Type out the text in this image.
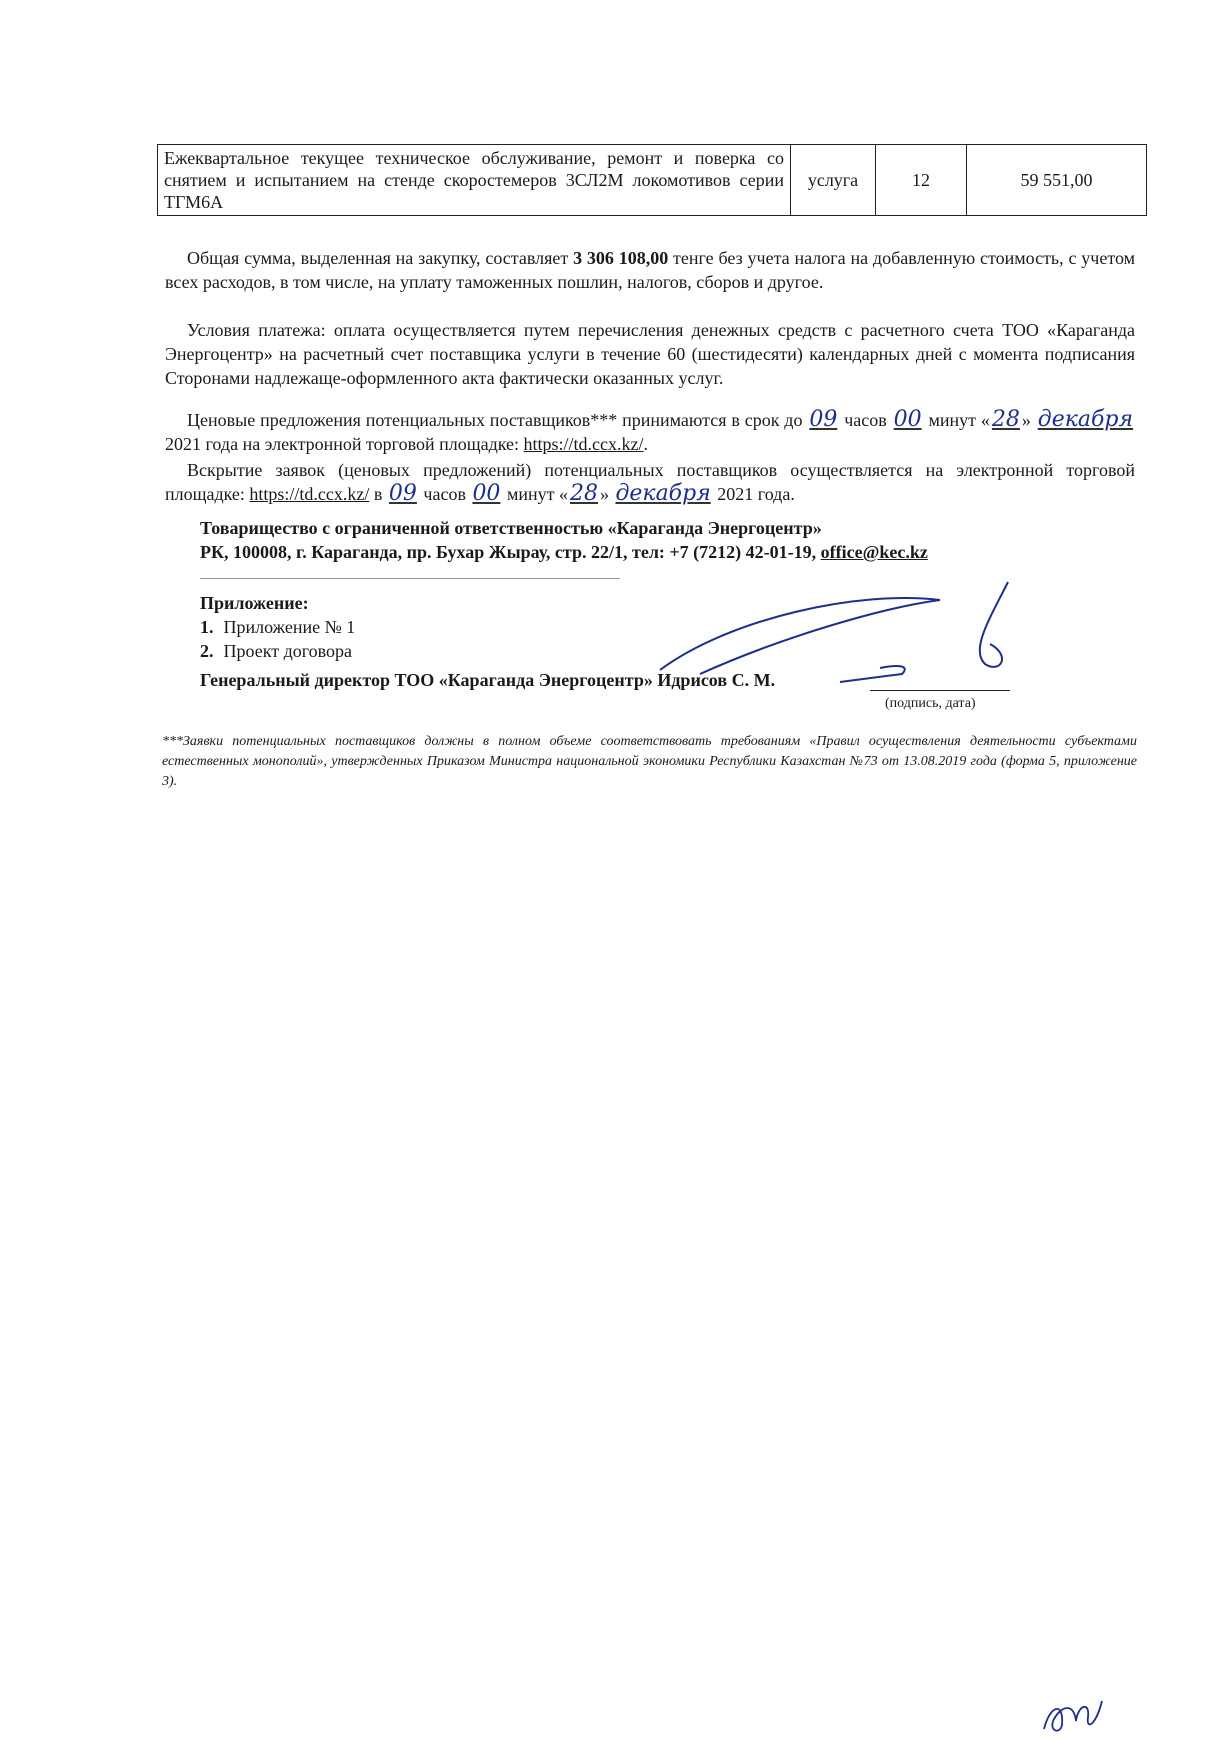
Ежеквартальное текущее техническое обслуживание, ремонт и поверка со снятием и испытанием на стенде скоростемеров 3СЛ2М локомотивов серии ТГМ6А	услуга	12	59 551,00

Общая сумма, выделенная на закупку, составляет 3 306 108,00 тенге без учета налога на добавленную стоимость, с учетом всех расходов, в том числе, на уплату таможенных пошлин, налогов, сборов и другое.

Условия платежа: оплата осуществляется путем перечисления денежных средств с расчетного счета ТОО «Караганда Энергоцентр» на расчетный счет поставщика услуги в течение 60 (шестидесяти) календарных дней с момента подписания Сторонами надлежаще-оформленного акта фактически оказанных услуг.

Ценовые предложения потенциальных поставщиков*** принимаются в срок до 09 часов 00 минут «28 » декабря 2021 года на электронной торговой площадке: https://td.ccx.kz/.

Вскрытие заявок (ценовых предложений) потенциальных поставщиков осуществляется на электронной торговой площадке: https://td.ccx.kz/ в 09 часов 00 минут «28 » декабря 2021 года.

Товарищество с ограниченной ответственностью «Караганда Энергоцентр»

РК, 100008, г. Караганда, пр. Бухар Жырау, стр. 22/1, тел: +7 (7212) 42-01-19, office@kec.kz

Приложение:

1. Приложение № 1
2. Проект договора

Генеральный директор ТОО «Караганда Энергоцентр» Идрисов С. М.

(подпись, дата)

***Заявки потенциальных поставщиков должны в полном объеме соответствовать требованиям «Правил осуществления деятельности субъектами естественных монополий», утвержденных Приказом Министра национальной экономики Республики Казахстан №73 от 13.08.2019 года (форма 5, приложение 3).
